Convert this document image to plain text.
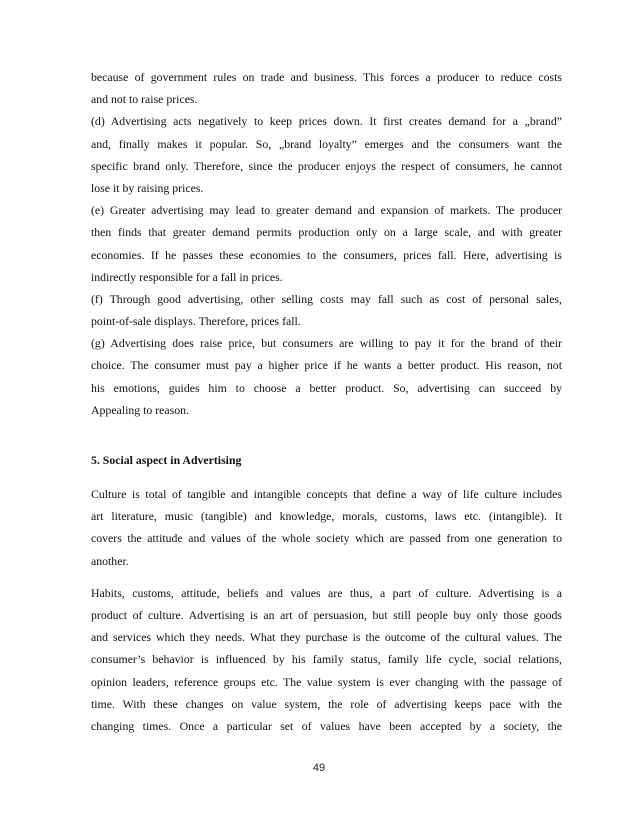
because of government rules on trade and business. This forces a producer to reduce costs
and not to raise prices.
(d) Advertising acts negatively to keep prices down. It first creates demand for a „brand”
and, finally makes it popular. So, „brand loyalty” emerges and the consumers want the
specific brand only. Therefore, since the producer enjoys the respect of consumers, he cannot
lose it by raising prices.
(e) Greater advertising may lead to greater demand and expansion of markets. The producer
then finds that greater demand permits production only on a large scale, and with greater
economies. If he passes these economies to the consumers, prices fall. Here, advertising is
indirectly responsible for a fall in prices.
(f) Through good advertising, other selling costs may fall such as cost of personal sales,
point-of-sale displays. Therefore, prices fall.
(g) Advertising does raise price, but consumers are willing to pay it for the brand of their
choice. The consumer must pay a higher price if he wants a better product. His reason, not
his emotions, guides him to choose a better product. So, advertising can succeed by
Appealing to reason.
5. Social aspect in Advertising
Culture is total of tangible and intangible concepts that define a way of life culture includes
art literature, music (tangible) and knowledge, morals, customs, laws etc. (intangible). It
covers the attitude and values of the whole society which are passed from one generation to
another.
Habits, customs, attitude, beliefs and values are thus, a part of culture. Advertising is a
product of culture. Advertising is an art of persuasion, but still people buy only those goods
and services which they needs. What they purchase is the outcome of the cultural values. The
consumer’s behavior is influenced by his family status, family life cycle, social relations,
opinion leaders, reference groups etc. The value system is ever changing with the passage of
time. With these changes on value system, the role of advertising keeps pace with the
changing times. Once a particular set of values have been accepted by a society, the
49
